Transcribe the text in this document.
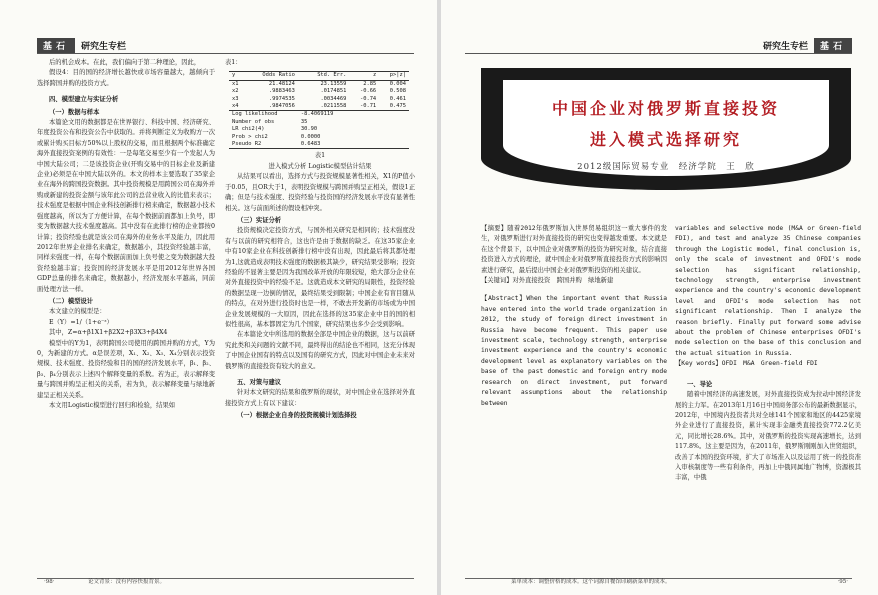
基石	研究生专栏

后的机会成本。在此，我们偏向于第二种理论，因此，

假设4：目的国的经济增长越快或市场容量越大，越倾向于选择跨国并购的投资方式。

四、模型建立与实证分析
（一）数据与样本

本篇论文用的数据都是在世界银行、科技中国、经济研究、年度投资公布和投资公告中获取的。并将判断定义为收购方一次或累计购买目标方50%以上股权的交易，而且根据两个标准确定海外直接投资案例的有效性：一是每笔交易至少有一个发起人为中国大陆公司；二是该投资企业(开购交易中的目标企业及新建企业)必须是在中国大陆以外的。本文的样本主要选取了35家企业在海外的跨国投资数据。其中投资规模是用跨国公司在海外并购或新建的投资金额与该年此公司的总营业收入的比值来表示；技术强度是根据中国企业科技创新排行榜来确定，数据越小技术强度越高，所以为了方便计算，在每个数据前面都加上负号，即变为数据越大技术强度越高。其中没有在此排行榜的企业都按0计算；投资经验也就是该公司在海外的业务水平及能力，因此用2012年世界企业排名来确定，数据越小，其投资经验越丰富，同样来强度一样，在每个数据前面加上负号使之变为数据越大投资经验越丰富；投资国的经济发展水平是用2012年世界各国GDP总量的排名来确定，数据越小，经济发展水平越高，同前面处理方法一样。

（二）模型设计

本文建立的模型是：

E（Y）=1/（1+e⁻ᶻ）

其中，Z=α+β1X1+β2X2+β3X3+β4X4

模型中的Y为1，表明跨国公司使用的跨国并购的方式，Y为0，为新建的方式。α是误差项，X₁、X₂、X₃、X₄分别表示投资规模、技术强度、投资经验和目的国的经济发展水平，β₁、β₂、β₃、β₄分别表示上述四个解释变量的系数。若为正，表示解释变量与跨国并购呈正相关的关系，若为负，表示解释变量与绿地新建呈正相关关系。

本文用Logistic模型进行回归和检验，结果如

表1：
y	Odds Ratio	Std. Err.	z	p>|z|
x1	21.48124	23.13559	2.85	0.004
x2	.9883463	.0174851	-0.66	0.508
x3	.9974535	.0034469	-0.74	0.461
x4	.9847056	.0211558	-0.71	0.475
Log likelihood		-8.4069119		
Number of obs		35		
LR chi2(4)		30.90		
Prob > chi2		0.0000		
Pseudo R2		0.6483		
表1
进入模式分析 Logistic模型估计结果

从结果可以看出，选择方式与投资规模显著性相关，X1的P值小于0.05，且OR大于1，表明投资规模与跨国并购呈正相关，假设1正确；但是与技术强度、投资经验与投资国的经济发展水平没有显著性相关。这与前面所述的假设相冲突。

（三）实证分析

投资规模决定投资方式，与国外相关研究是相同的；技术强度没有与以前的研究相符合，这也许是由于数据的缺乏。在这35家企业中有10家企业在科技创新排行榜中没有出现，因此最后将其都处理为1,这就造成表明技术强度的数据极其缺少，研究结果受影响；投资经验的不显著主要是因为我国改革开放的年限较短，绝大部分企业在对外直接投资中的经验不足。这就造成本文研究的局限性，投资经验的数据呈现一边倒的情况，最终结果受到限制；中国企业有盲目随从的特点，在对外进行投资时也是一样，不敢去开发新的市场或为中国企业发展规模的一大原因，因此在选择的这35家企业中目的国的相似性很高，基本都固定为几个国家，研究结果也多少会受到影响。

在本篇论文中所选用的数据全部是中国企业的数据，这与以前研究此类和关问题的文献不同，最终得出的结论也不相同，这充分体现了中国企业国有的特点以及国有的研究方式，因此对中国企业未来对俄罗斯的直接投资有较大的意义。

五、对策与建议

针对本文研究的结果和俄罗斯的现状，对中国企业在选择对外直接投资方式上有以下建议：

（一）根据企业自身的投资规模计划选择投
·98·	论文背景：没有内容快报背景。
研究生专栏	基石
中国企业对俄罗斯直接投资
进入模式选择研究
2012级国际贸易专业　经济学院　王　欣

【摘要】随着2012年俄罗斯加入世界贸易组织这一重大事件的发生，对俄罗斯进行对外直接投资的研究也变得越发重要。本文就是在这个背景下，以中国企业对俄罗斯的投资为研究对象，结合直接投资进入方式的理论，就中国企业对俄罗斯直接投资方式的影响因素进行研究，最后提出中国企业对俄罗斯投资的相关建议。

【关键词】对外直接投资　跨国并购　绿地新建

【Abstract】When the important event that Russia have entered into the world trade organization in 2012, the study of foreign direct investment in Russia have become frequent. This paper use investment scale, technology strength, enterprise investment experience and the country's economic development level as explanatory variables on the base of the past domestic and foreign entry mode research on direct investment, put forward relevant assumptions about the relationship between

variables and selective mode (M&A or Green-field FDI), and test and analyze 35 Chinese companies through the Logistic model, final conclusion is, only the scale of investment and OFDI's mode selection has significant relationship, technology strength, enterprise investment experience and the country's economic development level and OFDI's mode selection has not significant relationship. Then I analyze the reason briefly. Finally put forward some advise about the problem of Chinese enterprises OFDI's mode selection on the base of this conclusion and the actual situation in Russia.

【Key words】OFDI　M&A　Green-field FDI

一、导论

随着中国经济的高速发展，对外直接投资成为拉动中国经济发展的主力军。在2013年1月16日中国商务部公布的最新数据显示，2012年，中国境内投资者共对全球141个国家和地区的4425家境外企业进行了直接投资，累计实现非金融类直接投资772.2亿美元，同比增长28.6%。其中，对俄罗斯的投资实现高速增长，达到117.8%。这主要是因为，在2011年，俄罗斯刚刚加入世贸组织，改善了本国的投资环境，扩大了市场准入以及运用了统一的投资准入审核制度等一些有利条件，再加上中俄同属地广物博，资源极其丰富，中俄

菜单成本：调整价格的成本。这个词源自餐馆印刷新菜单的成本。	·95·
